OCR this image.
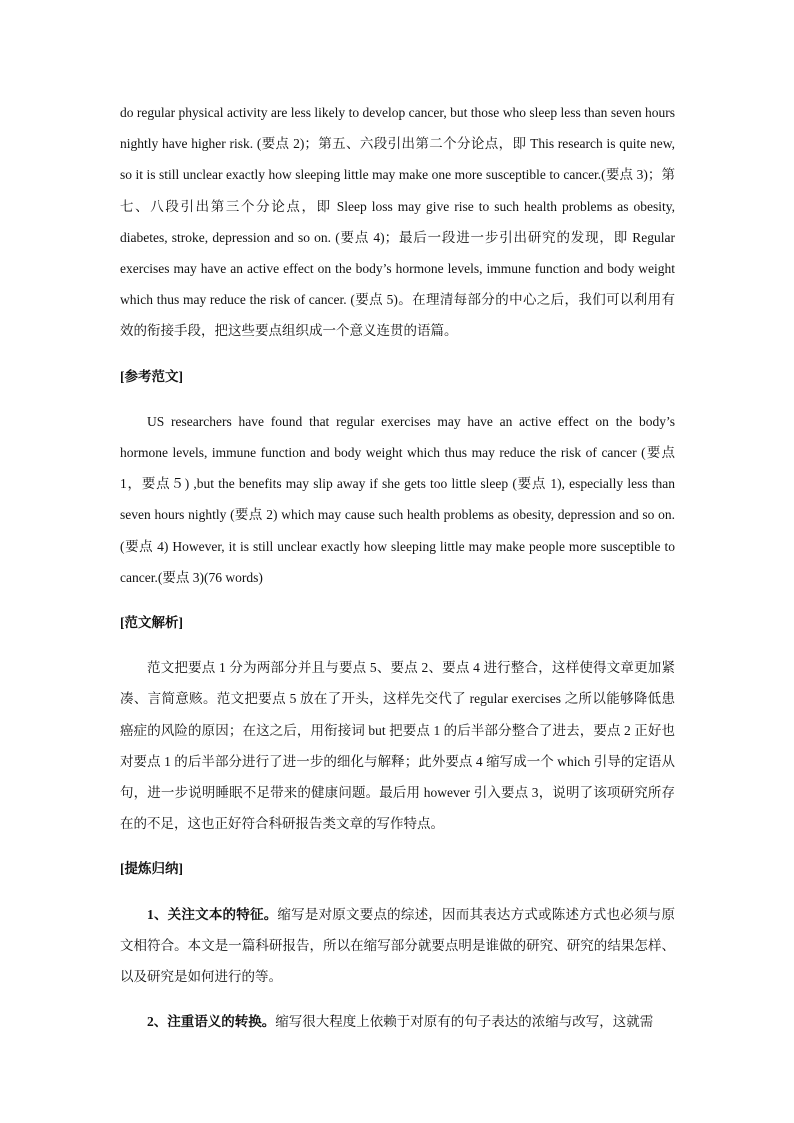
do regular physical activity are less likely to develop cancer, but those who sleep less than seven hours nightly have higher risk. (要点 2)；第五、六段引出第二个分论点，即 This research is quite new, so it is still unclear exactly how sleeping little may make one more susceptible to cancer.(要点 3)；第七、八段引出第三个分论点，即 Sleep loss may give rise to such health problems as obesity, diabetes, stroke, depression and so on. (要点 4)；最后一段进一步引出研究的发现，即 Regular exercises may have an active effect on the body’s hormone levels, immune function and body weight which thus may reduce the risk of cancer. (要点 5)。在理清每部分的中心之后，我们可以利用有效的衔接手段，把这些要点组织成一个意义连贯的语篇。

[参考范文]

US researchers have found that regular exercises may have an active effect on the body’s hormone levels, immune function and body weight which thus may reduce the risk of cancer (要点 1，要点５) ,but the benefits may slip away if she gets too little sleep (要点 1), especially less than seven hours nightly (要点 2) which may cause such health problems as obesity, depression and so on. (要点 4) However, it is still unclear exactly how sleeping little may make people more susceptible to cancer.(要点 3)(76 words)

[范文解析]

范文把要点 1 分为两部分并且与要点 5、要点 2、要点 4 进行整合，这样使得文章更加紧凑、言简意赅。范文把要点 5 放在了开头，这样先交代了 regular exercises 之所以能够降低患癌症的风险的原因；在这之后，用衔接词 but 把要点 1 的后半部分整合了进去，要点 2 正好也对要点 1 的后半部分进行了进一步的细化与解释；此外要点 4 缩写成一个 which 引导的定语从句，进一步说明睡眠不足带来的健康问题。最后用 however 引入要点 3，说明了该项研究所存在的不足，这也正好符合科研报告类文章的写作特点。

[提炼归纳]

1、关注文本的特征。缩写是对原文要点的综述，因而其表达方式或陈述方式也必须与原文相符合。本文是一篇科研报告，所以在缩写部分就要点明是谁做的研究、研究的结果怎样、以及研究是如何进行的等。

2、注重语义的转换。缩写很大程度上依赖于对原有的句子表达的浓缩与改写，这就需
